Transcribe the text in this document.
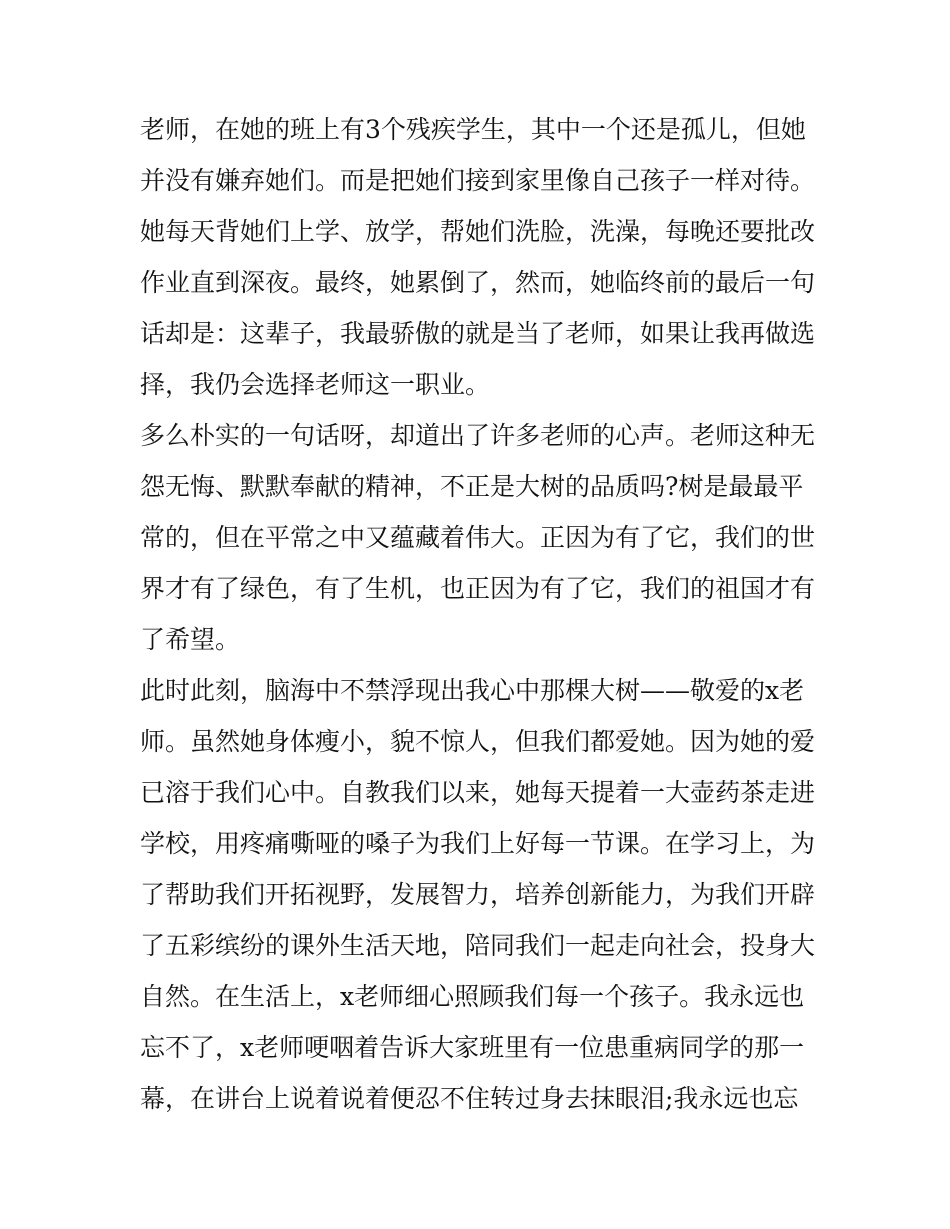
老师，在她的班上有3个残疾学生，其中一个还是孤儿，但她
并没有嫌弃她们。而是把她们接到家里像自己孩子一样对待。
她每天背她们上学、放学，帮她们洗脸，洗澡，每晚还要批改
作业直到深夜。最终，她累倒了，然而，她临终前的最后一句
话却是：这辈子，我最骄傲的就是当了老师，如果让我再做选
择，我仍会选择老师这一职业。
多么朴实的一句话呀，却道出了许多老师的心声。老师这种无
怨无悔、默默奉献的精神，不正是大树的品质吗?树是最最平
常的，但在平常之中又蕴藏着伟大。正因为有了它，我们的世
界才有了绿色，有了生机，也正因为有了它，我们的祖国才有
了希望。
此时此刻，脑海中不禁浮现出我心中那棵大树——敬爱的x老
师。虽然她身体瘦小，貌不惊人，但我们都爱她。因为她的爱
已溶于我们心中。自教我们以来，她每天提着一大壶药茶走进
学校，用疼痛嘶哑的嗓子为我们上好每一节课。在学习上，为
了帮助我们开拓视野，发展智力，培养创新能力，为我们开辟
了五彩缤纷的课外生活天地，陪同我们一起走向社会，投身大
自然。在生活上，x老师细心照顾我们每一个孩子。我永远也
忘不了，x老师哽咽着告诉大家班里有一位患重病同学的那一
幕，在讲台上说着说着便忍不住转过身去抹眼泪;我永远也忘
